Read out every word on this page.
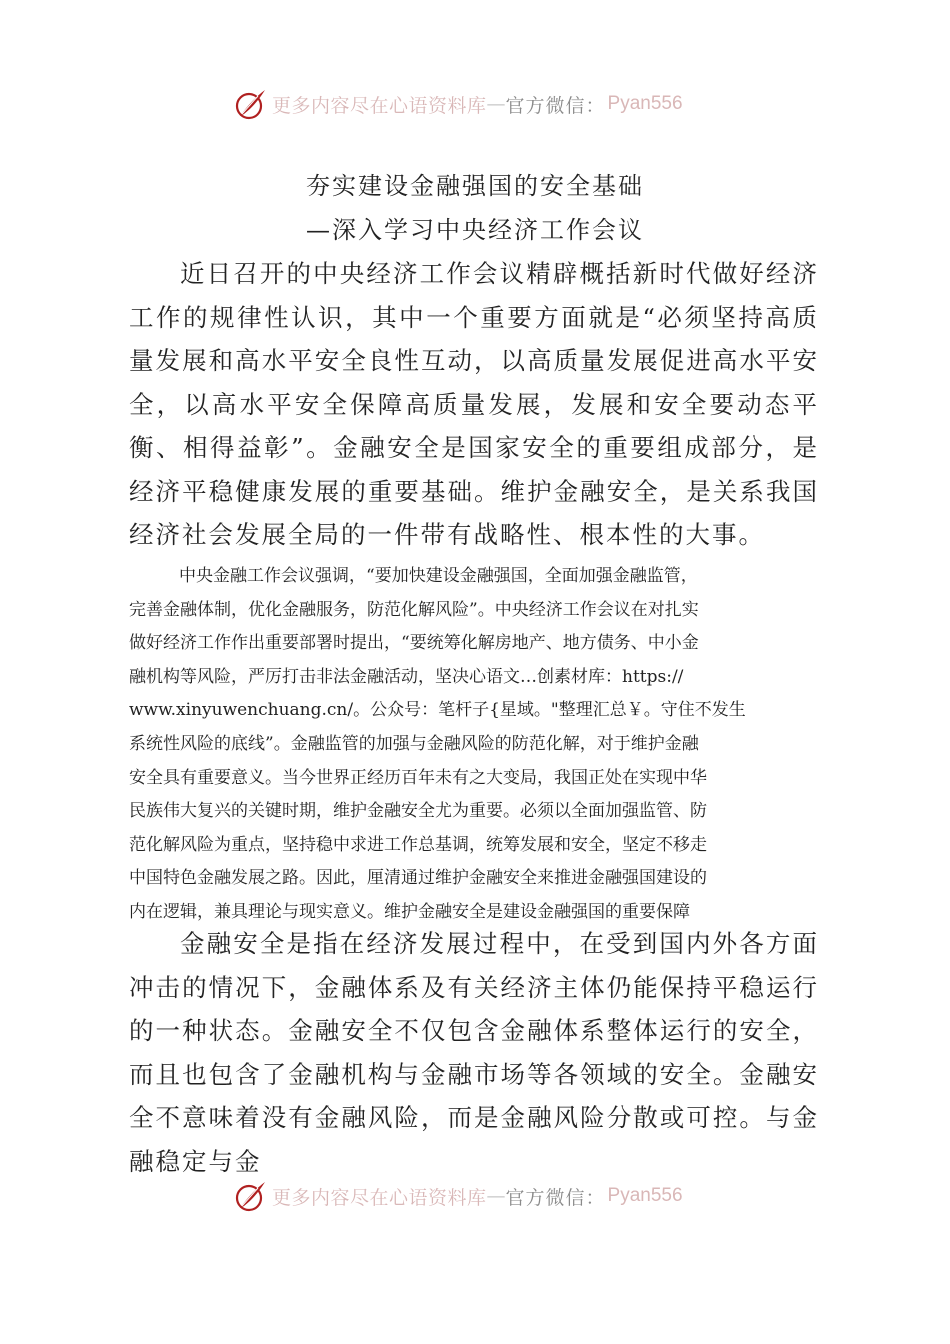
更多内容尽在心语资料库 — 官方微信： Pyan556
夯实建设金融强国的安全基础
—深入学习中央经济工作会议

近日召开的中央经济工作会议精辟概括新时代做好经济工作的规律性认识，其中一个重要方面就是“必须坚持高质量发展和高水平安全良性互动，以高质量发展促进高水平安全，以高水平安全保障高质量发展，发展和安全要动态平衡、相得益彰”。金融安全是国家安全的重要组成部分，是经济平稳健康发展的重要基础。维护金融安全，是关系我国经济社会发展全局的一件带有战略性、根本性的大事。

中央金融工作会议强调，“要加快建设金融强国，全面加强金融监管，
完善金融体制，优化金融服务，防范化解风险”。中央经济工作会议在对扎实
做好经济工作作出重要部署时提出，“要统筹化解房地产、地方债务、中小金
融机构等风险，严厉打击非法金融活动，坚决心语文…创素材库：https://
www.xinyuwenchuang.cn/。公众号：笔杆子{星域。"整理汇总￥。守住不发生
系统性风险的底线”。金融监管的加强与金融风险的防范化解，对于维护金融
安全具有重要意义。当今世界正经历百年未有之大变局，我国正处在实现中华
民族伟大复兴的关键时期，维护金融安全尤为重要。必须以全面加强监管、防
范化解风险为重点，坚持稳中求进工作总基调，统筹发展和安全，坚定不移走
中国特色金融发展之路。因此，厘清通过维护金融安全来推进金融强国建设的
内在逻辑，兼具理论与现实意义。维护金融安全是建设金融强国的重要保障

金融安全是指在经济发展过程中，在受到国内外各方面冲击的情况下，金融体系及有关经济主体仍能保持平稳运行的一种状态。金融安全不仅包含金融体系整体运行的安全，而且也包含了金融机构与金融市场等各领域的安全。金融安全不意味着没有金融风险，而是金融风险分散或可控。与金融稳定与金

更多内容尽在心语资料库 — 官方微信： Pyan556
